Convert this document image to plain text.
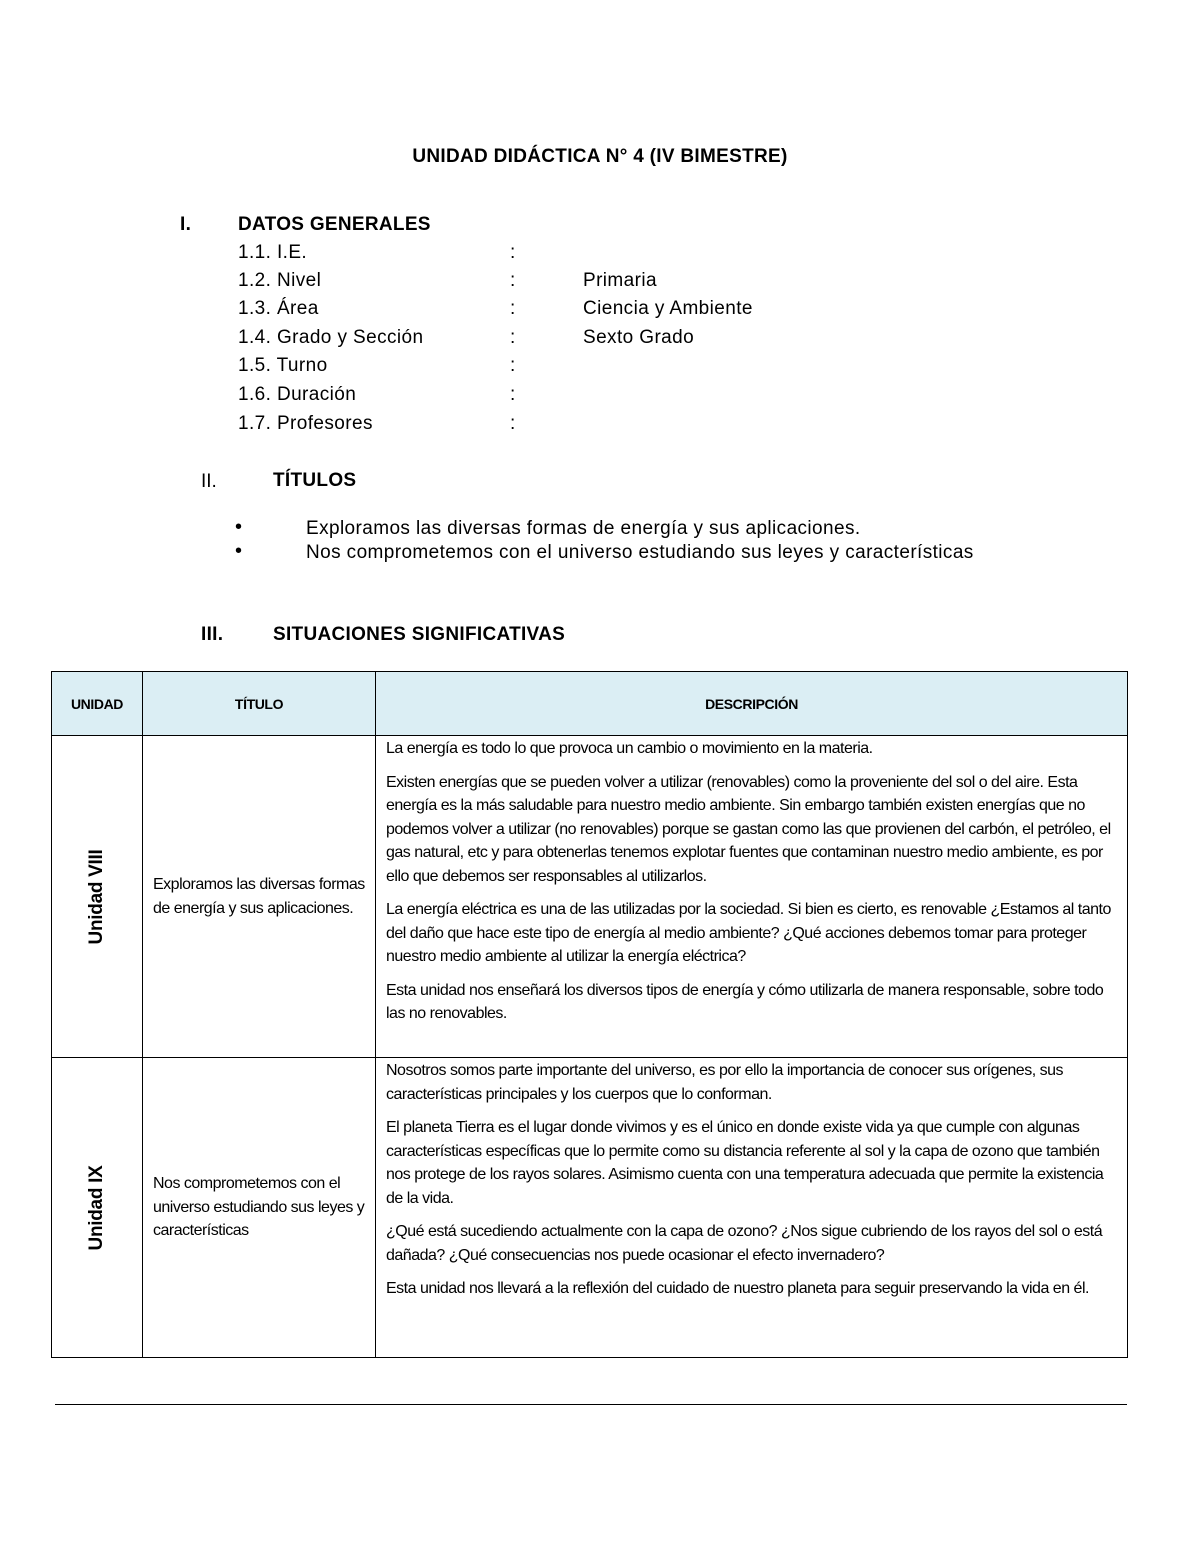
UNIDAD DIDÁCTICA N° 4 (IV BIMESTRE)
I. DATOS GENERALES
1.1. I.E.	:
1.2. Nivel	:	Primaria
1.3. Área	:	Ciencia y Ambiente
1.4. Grado y Sección	:	Sexto Grado
1.5. Turno	:
1.6. Duración	:
1.7. Profesores	:
II.	TÍTULOS
•	Exploramos las diversas formas de energía y sus aplicaciones.
•	Nos comprometemos con el universo estudiando sus leyes y características
III.	SITUACIONES SIGNIFICATIVAS
UNIDAD	TÍTULO	DESCRIPCIÓN

Unidad VIII	Exploramos las diversas formas de energía y sus aplicaciones.	La energía es todo lo que provoca un cambio o movimiento en la materia.

Existen energías que se pueden volver a utilizar (renovables) como la proveniente del sol o del aire. Esta energía es la más saludable para nuestro medio ambiente. Sin embargo también existen energías que no podemos volver a utilizar (no renovables) porque se gastan como las que provienen del carbón, el petróleo, el gas natural, etc y para obtenerlas tenemos explotar fuentes que contaminan nuestro medio ambiente, es por ello que debemos ser responsables al utilizarlos.

La energía eléctrica es una de las utilizadas por la sociedad. Si bien es cierto, es renovable ¿Estamos al tanto del daño que hace este tipo de energía al medio ambiente? ¿Qué acciones debemos tomar para proteger nuestro medio ambiente al utilizar la energía eléctrica?

Esta unidad nos enseñará los diversos tipos de energía y cómo utilizarla de manera responsable, sobre todo las no renovables.

Unidad IX	Nos comprometemos con el universo estudiando sus leyes y características	Nosotros somos parte importante del universo, es por ello la importancia de conocer sus orígenes, sus características principales y los cuerpos que lo conforman.

El planeta Tierra es el lugar donde vivimos y es el único en donde existe vida ya que cumple con algunas características específicas que lo permite como su distancia referente al sol y la capa de ozono que también nos protege de los rayos solares. Asimismo cuenta con una temperatura adecuada que permite la existencia de la vida.

¿Qué está sucediendo actualmente con la capa de ozono? ¿Nos sigue cubriendo de los rayos del sol o está dañada? ¿Qué consecuencias nos puede ocasionar el efecto invernadero?

Esta unidad nos llevará a la reflexión del cuidado de nuestro planeta para seguir preservando la vida en él.
